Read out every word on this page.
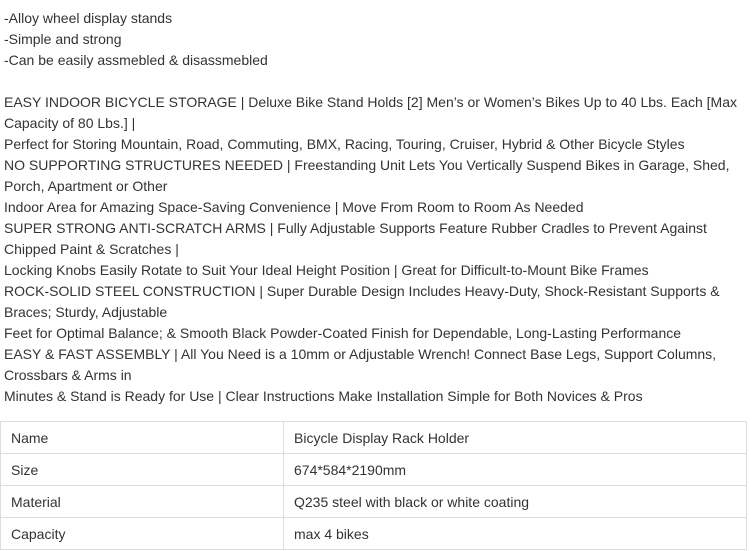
-Alloy wheel display stands
-Simple and strong
-Can be easily assmebled & disassmebled
EASY INDOOR BICYCLE STORAGE | Deluxe Bike Stand Holds [2] Men’s or Women’s Bikes Up to 40 Lbs. Each [Max Capacity of 80 Lbs.] |
Perfect for Storing Mountain, Road, Commuting, BMX, Racing, Touring, Cruiser, Hybrid & Other Bicycle Styles
NO SUPPORTING STRUCTURES NEEDED | Freestanding Unit Lets You Vertically Suspend Bikes in Garage, Shed, Porch, Apartment or Other
Indoor Area for Amazing Space-Saving Convenience | Move From Room to Room As Needed
SUPER STRONG ANTI-SCRATCH ARMS | Fully Adjustable Supports Feature Rubber Cradles to Prevent Against Chipped Paint & Scratches |
Locking Knobs Easily Rotate to Suit Your Ideal Height Position | Great for Difficult-to-Mount Bike Frames
ROCK-SOLID STEEL CONSTRUCTION | Super Durable Design Includes Heavy-Duty, Shock-Resistant Supports & Braces; Sturdy, Adjustable
Feet for Optimal Balance; & Smooth Black Powder-Coated Finish for Dependable, Long-Lasting Performance
EASY & FAST ASSEMBLY | All You Need is a 10mm or Adjustable Wrench! Connect Base Legs, Support Columns, Crossbars & Arms in
Minutes & Stand is Ready for Use | Clear Instructions Make Installation Simple for Both Novices & Pros
Name	Bicycle Display Rack Holder
Size	674*584*2190mm
Material	Q235 steel with black or white coating
Capacity	max 4 bikes
